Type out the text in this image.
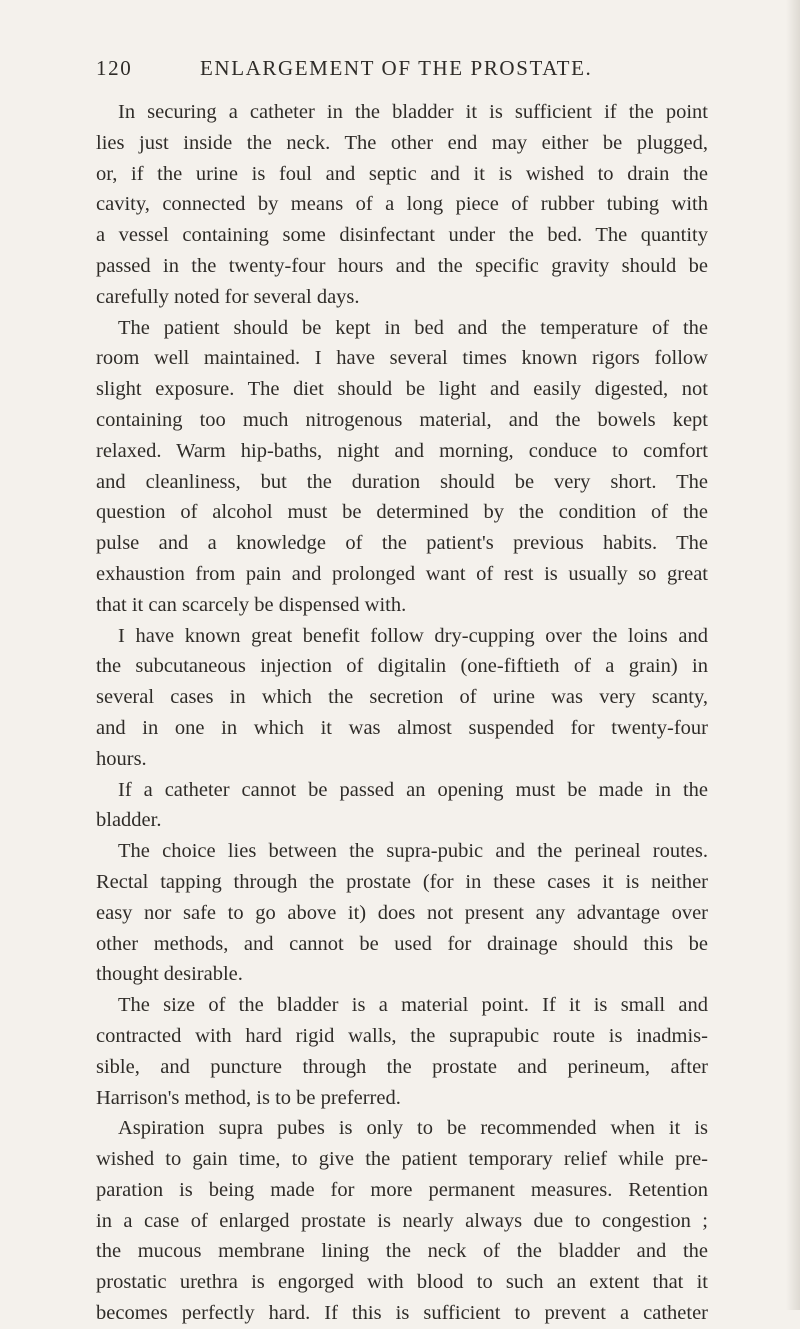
120	ENLARGEMENT OF THE PROSTATE.
In securing a catheter in the bladder it is sufficient if the point
lies just inside the neck. The other end may either be plugged,
or, if the urine is foul and septic and it is wished to drain the
cavity, connected by means of a long piece of rubber tubing with
a vessel containing some disinfectant under the bed. The quantity
passed in the twenty-four hours and the specific gravity should be
carefully noted for several days.
The patient should be kept in bed and the temperature of the
room well maintained. I have several times known rigors follow
slight exposure. The diet should be light and easily digested, not
containing too much nitrogenous material, and the bowels kept
relaxed. Warm hip-baths, night and morning, conduce to comfort
and cleanliness, but the duration should be very short. The
question of alcohol must be determined by the condition of the
pulse and a knowledge of the patient's previous habits. The
exhaustion from pain and prolonged want of rest is usually so great
that it can scarcely be dispensed with.
I have known great benefit follow dry-cupping over the loins and
the subcutaneous injection of digitalin (one-fiftieth of a grain) in
several cases in which the secretion of urine was very scanty,
and in one in which it was almost suspended for twenty-four
hours.
If a catheter cannot be passed an opening must be made in the
bladder.
The choice lies between the supra-pubic and the perineal routes.
Rectal tapping through the prostate (for in these cases it is neither
easy nor safe to go above it) does not present any advantage over
other methods, and cannot be used for drainage should this be
thought desirable.
The size of the bladder is a material point. If it is small and
contracted with hard rigid walls, the suprapubic route is inadmis-
sible, and puncture through the prostate and perineum, after
Harrison's method, is to be preferred.
Aspiration supra pubes is only to be recommended when it is
wished to gain time, to give the patient temporary relief while pre-
paration is being made for more permanent measures. Retention
in a case of enlarged prostate is nearly always due to congestion ;
the mucous membrane lining the neck of the bladder and the
prostatic urethra is engorged with blood to such an extent that it
becomes perfectly hard. If this is sufficient to prevent a catheter
